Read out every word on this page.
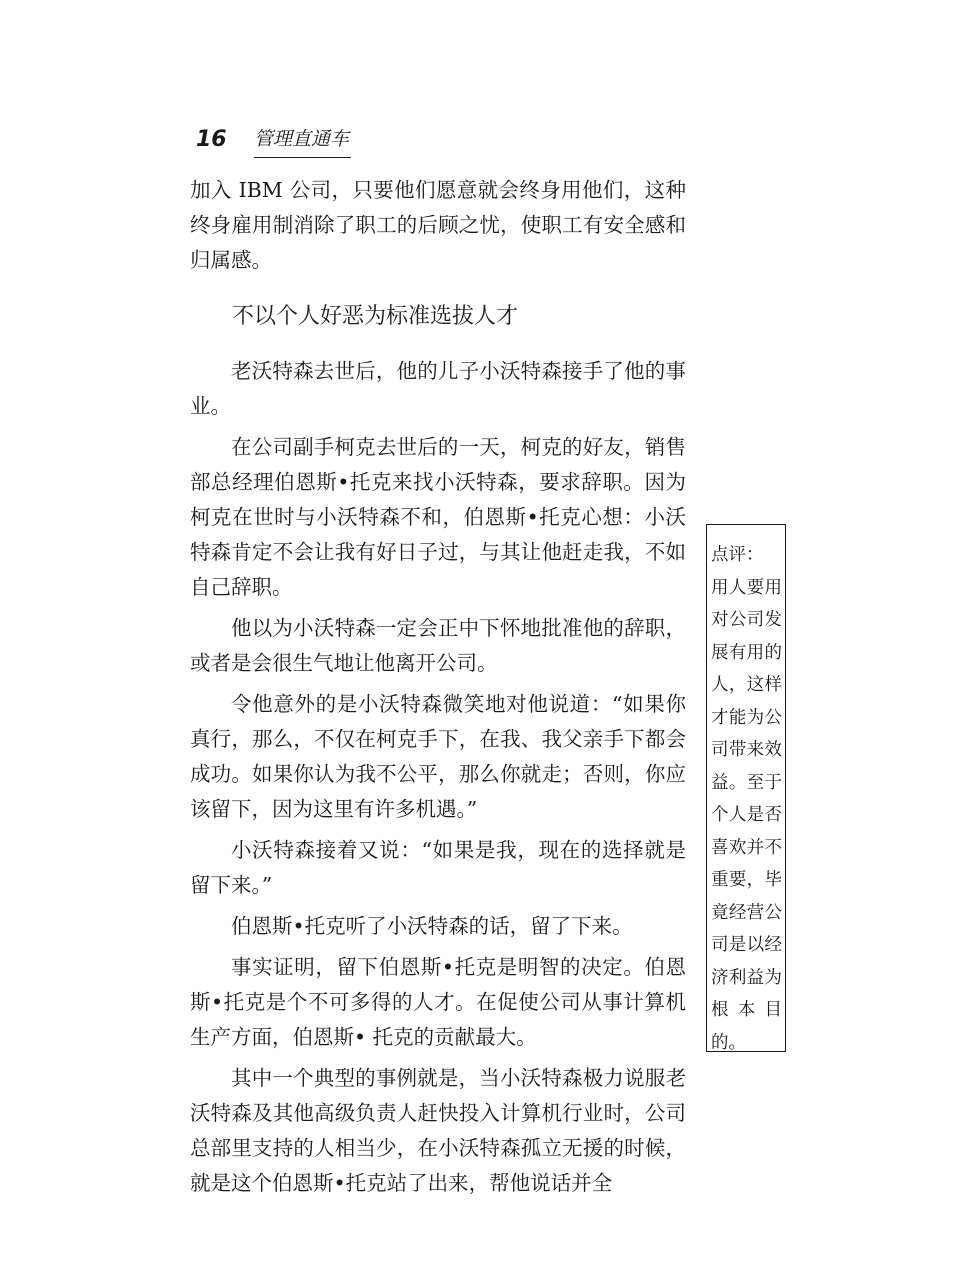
16	管理直通车

加入 IBM 公司，只要他们愿意就会终身用他们，这种终身雇用制消除了职工的后顾之忧，使职工有安全感和归属感。

不以个人好恶为标准选拔人才

老沃特森去世后，他的儿子小沃特森接手了他的事业。

在公司副手柯克去世后的一天，柯克的好友，销售部总经理伯恩斯•托克来找小沃特森，要求辞职。因为柯克在世时与小沃特森不和，伯恩斯•托克心想：小沃特森肯定不会让我有好日子过，与其让他赶走我，不如自己辞职。

他以为小沃特森一定会正中下怀地批准他的辞职，或者是会很生气地让他离开公司。

令他意外的是小沃特森微笑地对他说道：“如果你真行，那么，不仅在柯克手下，在我、我父亲手下都会成功。如果你认为我不公平，那么你就走；否则，你应该留下，因为这里有许多机遇。”

小沃特森接着又说：“如果是我，现在的选择就是留下来。”

伯恩斯•托克听了小沃特森的话，留了下来。

事实证明，留下伯恩斯•托克是明智的决定。伯恩斯•托克是个不可多得的人才。在促使公司从事计算机生产方面，伯恩斯• 托克的贡献最大。

其中一个典型的事例就是，当小沃特森极力说服老沃特森及其他高级负责人赶快投入计算机行业时，公司总部里支持的人相当少，在小沃特森孤立无援的时候，就是这个伯恩斯•托克站了出来，帮他说话并全

点评：
用人要用对公司发展有用的人，这样才能为公司带来效益。至于个人是否喜欢并不重要，毕竟经营公司是以经济利益为根本目的。
